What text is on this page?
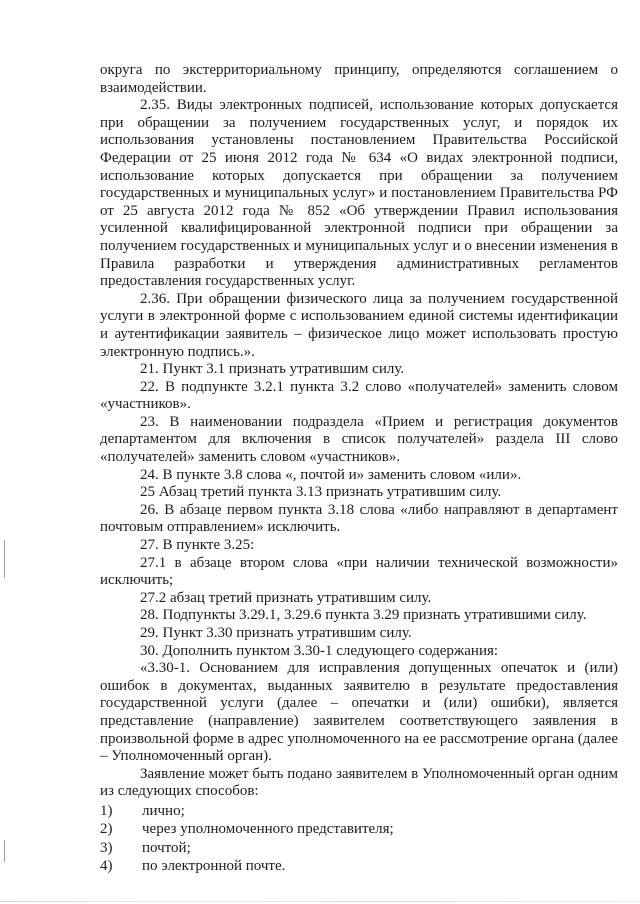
округа по экстерриториальному принципу, определяются соглашением о взаимодействии.

2.35. Виды электронных подписей, использование которых допускается при обращении за получением государственных услуг, и порядок их использования установлены постановлением Правительства Российской Федерации от 25 июня 2012 года № 634 «О видах электронной подписи, использование которых допускается при обращении за получением государственных и муниципальных услуг» и постановлением Правительства РФ от 25 августа 2012 года № 852 «Об утверждении Правил использования усиленной квалифицированной электронной подписи при обращении за получением государственных и муниципальных услуг и о внесении изменения в Правила разработки и утверждения административных регламентов предоставления государственных услуг.

2.36. При обращении физического лица за получением государственной услуги в электронной форме с использованием единой системы идентификации и аутентификации заявитель – физическое лицо может использовать простую электронную подпись.».

21. Пункт 3.1 признать утратившим силу.

22. В подпункте 3.2.1 пункта 3.2 слово «получателей» заменить словом «участников».

23. В наименовании подраздела «Прием и регистрация документов департаментом для включения в список получателей» раздела III слово «получателей» заменить словом «участников».

24. В пункте 3.8 слова «, почтой и» заменить словом «или».

25 Абзац третий пункта 3.13 признать утратившим силу.

26. В абзаце первом пункта 3.18 слова «либо направляют в департамент почтовым отправлением» исключить.

27. В пункте 3.25:

27.1 в абзаце втором слова «при наличии технической возможности» исключить;

27.2 абзац третий признать утратившим силу.

28. Подпункты 3.29.1, 3.29.6 пункта 3.29 признать утратившими силу.

29. Пункт 3.30 признать утратившим силу.

30. Дополнить пунктом 3.30-1 следующего содержания:

«3.30-1. Основанием для исправления допущенных опечаток и (или) ошибок в документах, выданных заявителю в результате предоставления государственной услуги (далее – опечатки и (или) ошибки), является представление (направление) заявителем соответствующего заявления в произвольной форме в адрес уполномоченного на ее рассмотрение органа (далее – Уполномоченный орган).

Заявление может быть подано заявителем в Уполномоченный орган одним из следующих способов:

1)	лично;
2)	через уполномоченного представителя;
3)	почтой;
4)	по электронной почте.
